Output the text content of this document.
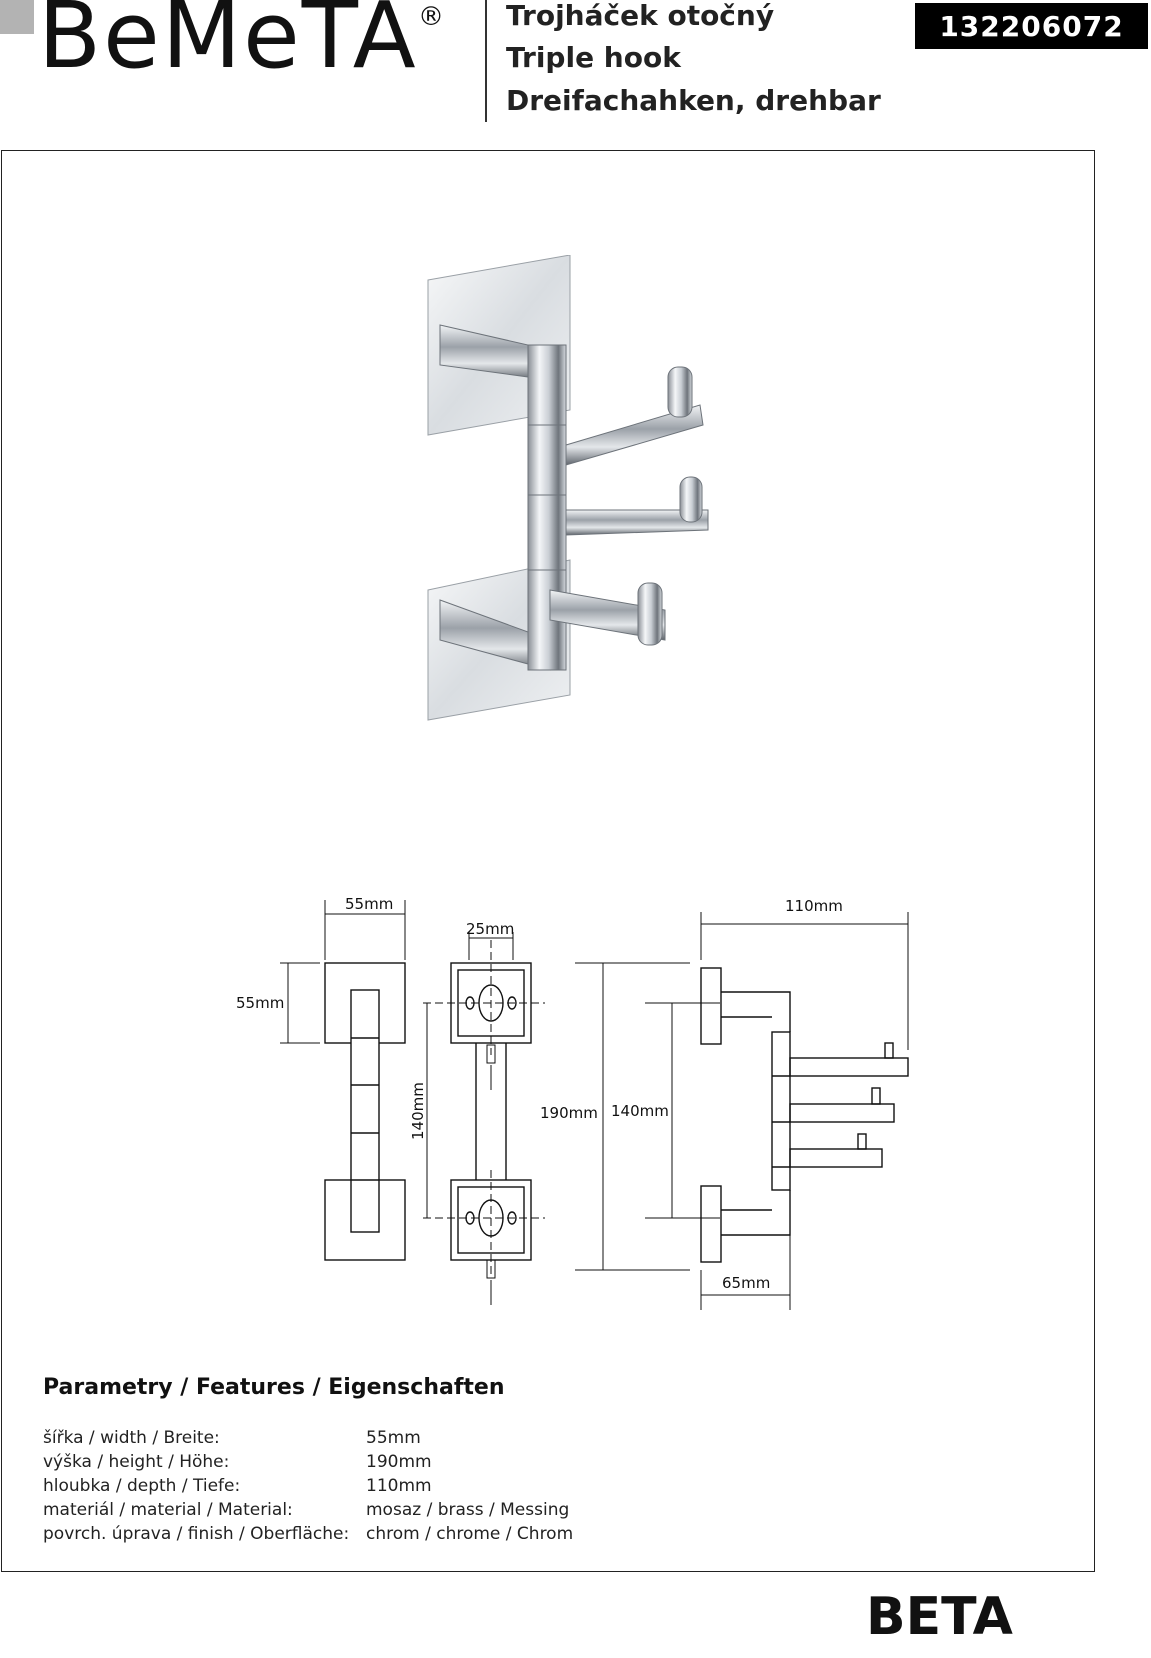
BeMeTA ® Trojháček otočný
Triple hook
Dreifachahken, drehbar
132206072
55mm
55mm
25mm
140mm	190mm 140mm
110mm
65mm
Parametry / Features / Eigenschaften
šířka / width / Breite:	55mm
výška / height / Höhe:	190mm
hloubka / depth / Tiefe:	110mm
materiál / material / Material:	mosaz / brass / Messing
povrch. úprava / finish / Oberfläche: chrom / chrome / Chrom
BETA
